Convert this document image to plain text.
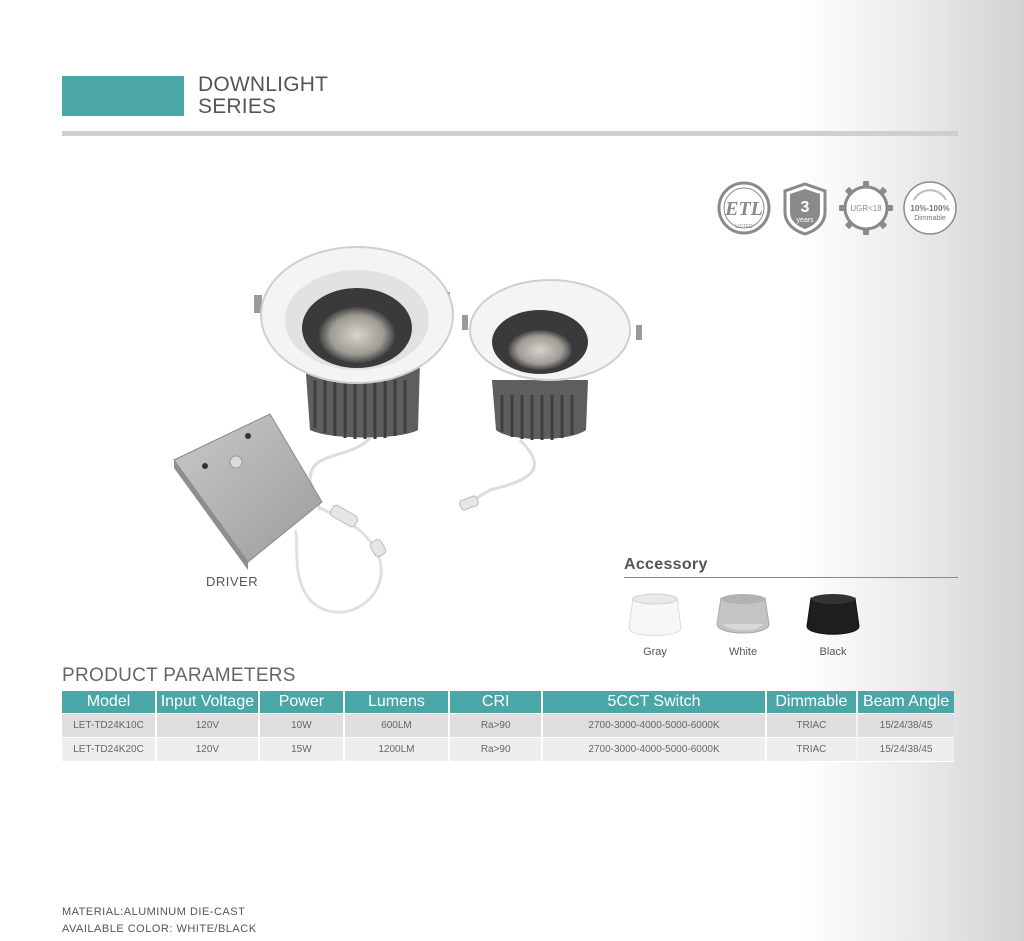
DOWNLIGHT
SERIES
ETL
LISTED
3
years
UGR<18	10%-100%
Dimmable
DRIVER
Accessory
Gray	White	Black
PRODUCT PARAMETERS
Model	Input Voltage	Power	Lumens	CRI	5CCT Switch	Dimmable	Beam Angle
LET-TD24K10C	120V	10W	600LM	Ra>90	2700-3000-4000-5000-6000K	TRIAC	15/24/38/45
LET-TD24K20C	120V	15W	1200LM	Ra>90	2700-3000-4000-5000-6000K	TRIAC	15/24/38/45
MATERIAL:ALUMINUM DIE-CAST
AVAILABLE COLOR: WHITE/BLACK
